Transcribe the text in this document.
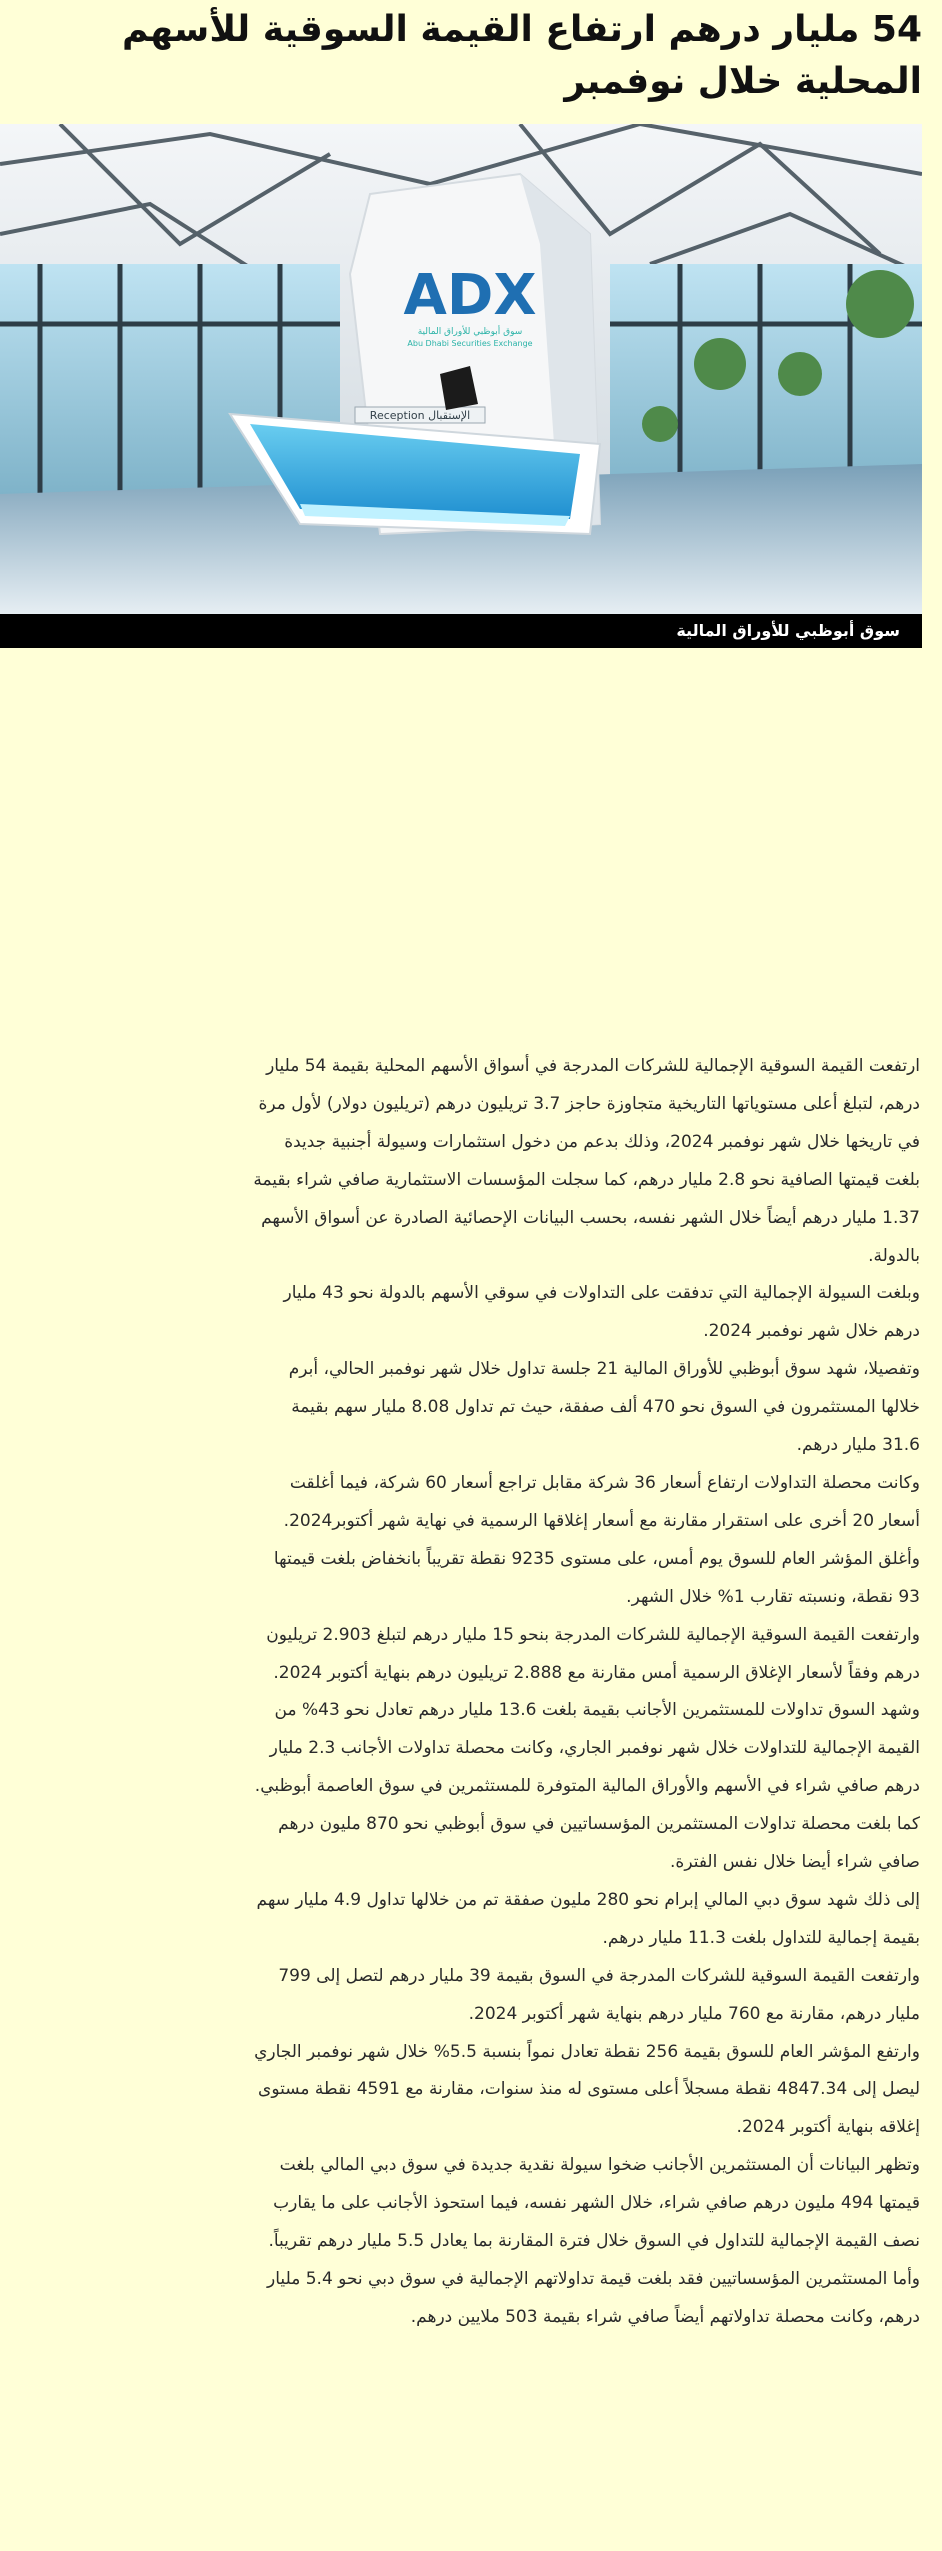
54 مليار درهم ارتفاع القيمة السوقية للأسهم المحلية خلال نوفمبر
الإستقبال Reception
ADX
سوق أبوظبي للأوراق المالية
Abu Dhabi Securities Exchange
سوق أبوظبي للأوراق المالية

ارتفعت القيمة السوقية الإجمالية للشركات المدرجة في أسواق الأسهم المحلية بقيمة 54 مليار درهم، لتبلغ أعلى مستوياتها التاريخية متجاوزة حاجز 3.7 تريليون درهم (تريليون دولار) لأول مرة في تاريخها خلال شهر نوفمبر 2024، وذلك بدعم من دخول استثمارات وسيولة أجنبية جديدة بلغت قيمتها الصافية نحو 2.8 مليار درهم، كما سجلت المؤسسات الاستثمارية صافي شراء بقيمة 1.37 مليار درهم أيضاً خلال الشهر نفسه، بحسب البيانات الإحصائية الصادرة عن أسواق الأسهم بالدولة.

وبلغت السيولة الإجمالية التي تدفقت على التداولات في سوقي الأسهم بالدولة نحو 43 مليار درهم خلال شهر نوفمبر 2024.

وتفصيلا، شهد سوق أبوظبي للأوراق المالية 21 جلسة تداول خلال شهر نوفمبر الحالي، أبرم خلالها المستثمرون في السوق نحو 470 ألف صفقة، حيث تم تداول 8.08 مليار سهم بقيمة 31.6 مليار درهم.

وكانت محصلة التداولات ارتفاع أسعار 36 شركة مقابل تراجع أسعار 60 شركة، فيما أغلقت أسعار 20 أخرى على استقرار مقارنة مع أسعار إغلاقها الرسمية في نهاية شهر أكتوبر2024.

وأغلق المؤشر العام للسوق يوم أمس، على مستوى 9235 نقطة تقريباً بانخفاض بلغت قيمتها 93 نقطة، ونسبته تقارب 1% خلال الشهر.

وارتفعت القيمة السوقية الإجمالية للشركات المدرجة بنحو 15 مليار درهم لتبلغ 2.903 تريليون درهم وفقاً لأسعار الإغلاق الرسمية أمس مقارنة مع 2.888 تريليون درهم بنهاية أكتوبر 2024.

وشهد السوق تداولات للمستثمرين الأجانب بقيمة بلغت 13.6 مليار درهم تعادل نحو 43% من القيمة الإجمالية للتداولات خلال شهر نوفمبر الجاري، وكانت محصلة تداولات الأجانب 2.3 مليار درهم صافي شراء في الأسهم والأوراق المالية المتوفرة للمستثمرين في سوق العاصمة أبوظبي.

كما بلغت محصلة تداولات المستثمرين المؤسساتيين في سوق أبوظبي نحو 870 مليون درهم صافي شراء أيضا خلال نفس الفترة.

إلى ذلك شهد سوق دبي المالي إبرام نحو 280 مليون صفقة تم من خلالها تداول 4.9 مليار سهم بقيمة إجمالية للتداول بلغت 11.3 مليار درهم.

وارتفعت القيمة السوقية للشركات المدرجة في السوق بقيمة 39 مليار درهم لتصل إلى 799 مليار درهم، مقارنة مع 760 مليار درهم بنهاية شهر أكتوبر 2024.

وارتفع المؤشر العام للسوق بقيمة 256 نقطة تعادل نمواً بنسبة 5.5% خلال شهر نوفمبر الجاري ليصل إلى 4847.34 نقطة مسجلاً أعلى مستوى له منذ سنوات، مقارنة مع 4591 نقطة مستوى إغلاقه بنهاية أكتوبر 2024.

وتظهر البيانات أن المستثمرين الأجانب ضخوا سيولة نقدية جديدة في سوق دبي المالي بلغت قيمتها 494 مليون درهم صافي شراء، خلال الشهر نفسه، فيما استحوذ الأجانب على ما يقارب نصف القيمة الإجمالية للتداول في السوق خلال فترة المقارنة بما يعادل 5.5 مليار درهم تقريباً.

وأما المستثمرين المؤسساتيين فقد بلغت قيمة تداولاتهم الإجمالية في سوق دبي نحو 5.4 مليار درهم، وكانت محصلة تداولاتهم أيضاً صافي شراء بقيمة 503 ملايين درهم.
